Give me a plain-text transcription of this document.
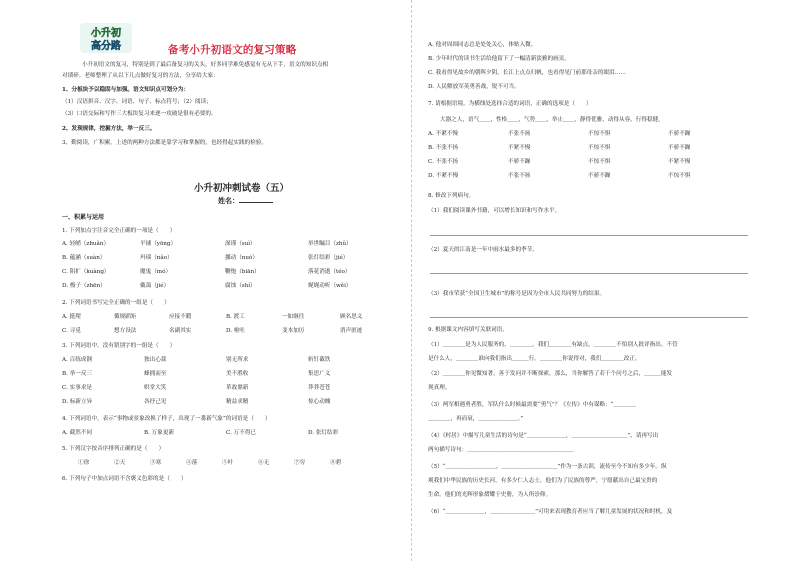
小升初
高分路	备考小升初语文的复习策略
小升初语文的复习，特别是到了最后备复习的关头，好多同学难免感觉有无从下手，语文的知识点相
对琐碎。老师整理了从以下几点做好复习的方法，分享给大家：
1、分板块予以稳固与加强。语文知识点可划分为：
（1）汉语拼音、汉字、词语、句子、标点符号；（2）阅读；
（3）口语交际和写作三大板块复习来逐一攻破是很有必要的。
2、发现规律，挖掘方法，举一反三。
3、勤阅读，广积累。上述的两种方法都是靠学习和掌握的，也经得起实践的检验。
小升初冲刺试卷（五）
姓名：
一、积累与运用
1. 下列加点字注音完全正确的一项是（　　）
A. 轻峭（zhuǎn）	平铺（yōng）	深谨（suì）	举世瞩目（zhǔ）
B. 蕴涵（suàn）	玛瑙（nǎo）	挪动（nuó）	张灯结彩（jié）
C. 阻扩（kuàng）	魔鬼（mó）	鞭炮（biān）	落花消逝（téo）
D. 梭子（zhēn）	戴蔼（jié）	腐蚀（shí）	娓娓动听（wěi）
2. 下列词语书写完全正确的一组是（　　）
A. 挺爬	循规蹈矩	应接不暇	B. 渡工	一如继往	顾名思义
C. 寻觅	想方设法	名副其实	D. 啦吐	变本加厉	消声匿迹
3. 下列词语中，没有错别字的一组是（　　）
A. 百练成钢	独出心裁	别无所求	斩钉截铁
B. 举一反三	蜂拥而至	美不胜收	集思广义
C. 实事求是	哄堂大笑	革故鼎新	莽莽苍苍
D. 标新立异	各抒己见	精益求精	惊心动魄
4. 下列词语中，表示“事物或景象改换了样子，出现了一番新气象”的词语是（　　）
A. 截然不同	B. 万象更新	C. 万不得已	D. 张灯结彩
5. 下列汉字按音序排列正确的是（　　）
①徐	②天	③寒	④落	⑤叶	⑥无	⑦穷	⑧碧
6. 下列句子中加点词语不含褒义色彩的是（　　）
A. 他对周围同志总是处处关心，体贴入微。
B. 少年时代的读书生活给他留下了一幅清新淡雅的画页。
C. 我看得见故乡的朝晖夕阴，长江上点点归帆，也看得见门前那母亲的眼泪……
D. 人民解放军英勇善战，锐不可当。
7. 请根据语境，为横线处选择合适的词语，正确的选项是（　　）
大器之人，语气＿＿，性格＿＿，气势＿＿，举止＿＿，静得优雅，动得从容，行得稳健。
A. 不紧不慢	不张不扬	不惊不惧	不骄不躁
B. 不张不扬	不紧不慢	不惊不惧	不骄不躁
C. 不张不扬	不骄不躁	不惊不惧	不紧不慢
D. 不紧不慢	不张不扬	不骄不躁	不惊不惧
8. 修改下列病句。
（1）我们阅读课外书籍，可以增长知识和写作水平。
（2）夏天的江南是一年中雨水最多的季节。
（3）我市荣获“全国卫生城市”的称号是因为全市人民共同努力的结果。
9. 根据课文内容填写关联词语。
（1）＿＿＿＿是为人民服务的，＿＿＿＿，我们＿＿＿＿有缺点，＿＿＿＿不怕别人批评指出。不管
是什么人，＿＿＿＿谁向我们指出＿＿＿行。＿＿＿＿你说得对，我们＿＿＿＿改正。
（2）＿＿＿＿你见微知著，善于发问并不断探索，那么，当你解答了若干个问号之后，＿＿＿能发
现真理。
（3）两军相遇勇者胜，军队什么时候最需要“勇气”？《左传》中有谋略：“＿＿＿＿
＿＿＿＿，再而衰，＿＿＿＿＿＿＿。”
（4）《村居》中描写儿童生活的诗句是“＿＿＿＿＿＿＿，＿＿＿＿＿＿＿＿＿＿”、请再写出
两句描写诗句：＿＿＿＿＿＿＿＿＿＿＿＿＿＿＿＿＿＿＿
（5）“＿＿＿＿＿＿＿＿＿，＿＿＿＿＿＿＿＿＿＿”作为一条古训，流传至今不知有多少年。纵
观我们中华民族的历史长河，有多少仁人志士，他们为了民族的尊严，宁愿献出自己最宝贵的
生命。他们的光辉形象熠耀于史册，为人所崇仰。
（6）“＿＿＿＿＿＿＿，＿＿＿＿＿＿＿＿”可用来表现教育者应当了解儿童发展的状况和时机，及
